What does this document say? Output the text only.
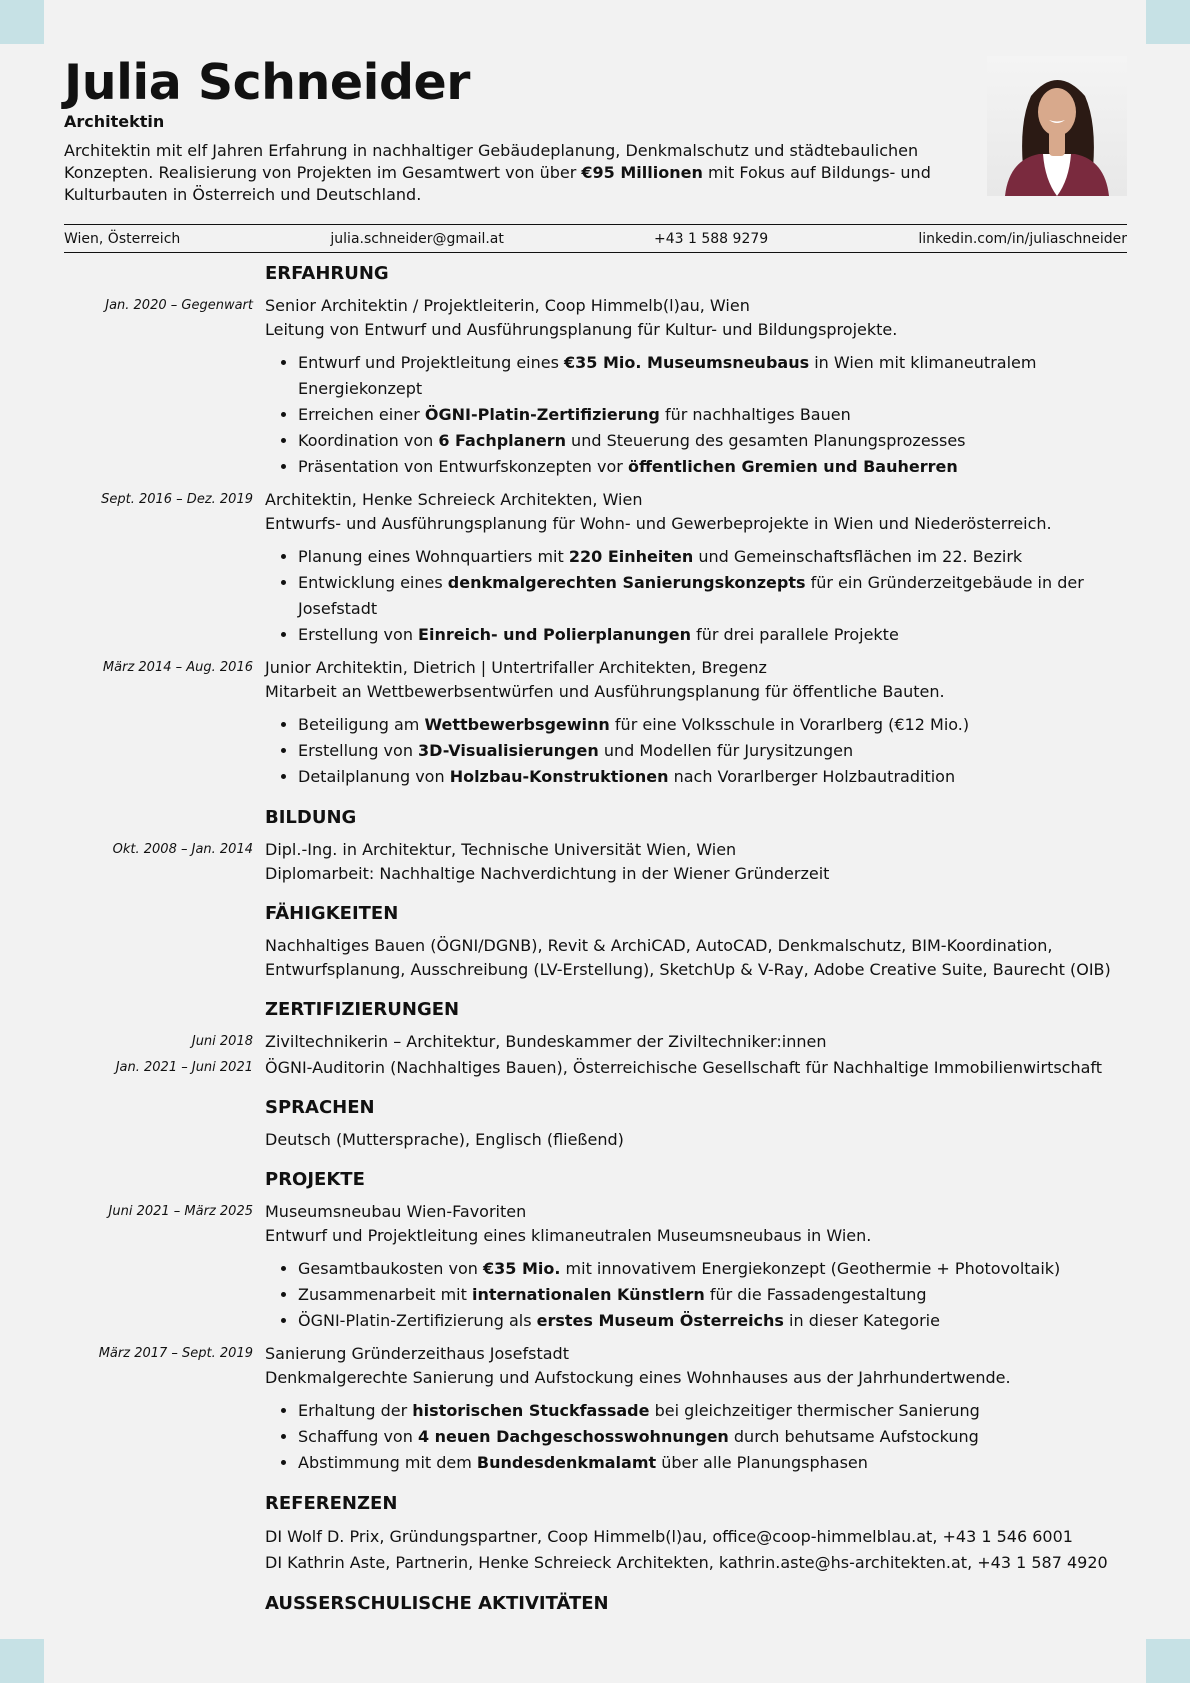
Julia Schneider
Architektin

Architektin mit elf Jahren Erfahrung in nachhaltiger Gebäudeplanung, Denkmalschutz und städtebaulichen Konzepten. Realisierung von Projekten im Gesamtwert von über €95 Millionen mit Fokus auf Bildungs- und Kulturbauten in Österreich und Deutschland.

Wien, Österreich	julia.schneider@gmail.at	+43 1 588 9279	linkedin.com/in/juliaschneider
ERFAHRUNG
Jan. 2020 – Gegenwart Senior Architektin / Projektleiterin, Coop Himmelb(l)au, Wien
Leitung von Entwurf und Ausführungsplanung für Kultur- und Bildungsprojekte.
• Entwurf und Projektleitung eines €35 Mio. Museumsneubaus in Wien mit klimaneutralem Energiekonzept
• Erreichen einer ÖGNI-Platin-Zertifizierung für nachhaltiges Bauen
• Koordination von 6 Fachplanern und Steuerung des gesamten Planungsprozesses
• Präsentation von Entwurfskonzepten vor öffentlichen Gremien und Bauherren
Sept. 2016 – Dez. 2019 Architektin, Henke Schreieck Architekten, Wien
Entwurfs- und Ausführungsplanung für Wohn- und Gewerbeprojekte in Wien und Niederösterreich.
• Planung eines Wohnquartiers mit 220 Einheiten und Gemeinschaftsflächen im 22. Bezirk
• Entwicklung eines denkmalgerechten Sanierungskonzepts für ein Gründerzeitgebäude in der Josefstadt
• Erstellung von Einreich- und Polierplanungen für drei parallele Projekte
März 2014 – Aug. 2016 Junior Architektin, Dietrich | Untertrifaller Architekten, Bregenz
Mitarbeit an Wettbewerbsentwürfen und Ausführungsplanung für öffentliche Bauten.
• Beteiligung am Wettbewerbsgewinn für eine Volksschule in Vorarlberg (€12 Mio.)
• Erstellung von 3D-Visualisierungen und Modellen für Jurysitzungen
• Detailplanung von Holzbau-Konstruktionen nach Vorarlberger Holzbautradition
BILDUNG
Okt. 2008 – Jan. 2014 Dipl.-Ing. in Architektur, Technische Universität Wien, Wien
Diplomarbeit: Nachhaltige Nachverdichtung in der Wiener Gründerzeit
FÄHIGKEITEN
Nachhaltiges Bauen (ÖGNI/DGNB), Revit & ArchiCAD, AutoCAD, Denkmalschutz, BIM-Koordination, Entwurfsplanung, Ausschreibung (LV-Erstellung), SketchUp & V-Ray, Adobe Creative Suite, Baurecht (OIB)
ZERTIFIZIERUNGEN
Juni 2018 Ziviltechnikerin – Architektur, Bundeskammer der Ziviltechniker:innen
Jan. 2021 – Juni 2021 ÖGNI-Auditorin (Nachhaltiges Bauen), Österreichische Gesellschaft für Nachhaltige Immobilienwirtschaft
SPRACHEN
Deutsch (Muttersprache), Englisch (fließend)
PROJEKTE
Juni 2021 – März 2025 Museumsneubau Wien-Favoriten
Entwurf und Projektleitung eines klimaneutralen Museumsneubaus in Wien.
• Gesamtbaukosten von €35 Mio. mit innovativem Energiekonzept (Geothermie + Photovoltaik)
• Zusammenarbeit mit internationalen Künstlern für die Fassadengestaltung
• ÖGNI-Platin-Zertifizierung als erstes Museum Österreichs in dieser Kategorie
März 2017 – Sept. 2019 Sanierung Gründerzeithaus Josefstadt
Denkmalgerechte Sanierung und Aufstockung eines Wohnhauses aus der Jahrhundertwende.
• Erhaltung der historischen Stuckfassade bei gleichzeitiger thermischer Sanierung
• Schaffung von 4 neuen Dachgeschosswohnungen durch behutsame Aufstockung
• Abstimmung mit dem Bundesdenkmalamt über alle Planungsphasen
REFERENZEN
DI Wolf D. Prix, Gründungspartner, Coop Himmelb(l)au, office@coop-himmelblau.at, +43 1 546 6001
DI Kathrin Aste, Partnerin, Henke Schreieck Architekten, kathrin.aste@hs-architekten.at, +43 1 587 4920
AUSSERSCHULISCHE AKTIVITÄTEN
